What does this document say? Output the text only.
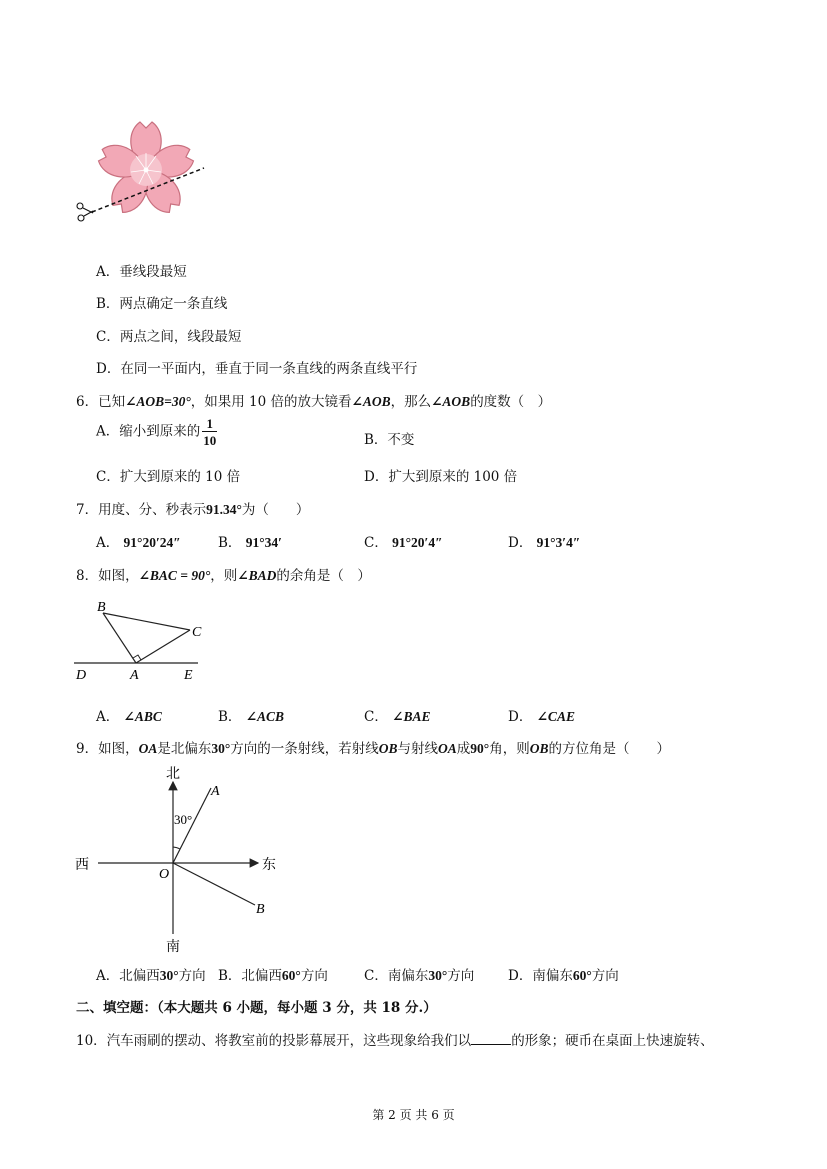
A．垂线段最短
B．两点确定一条直线
C．两点之间，线段最短
D．在同一平面内，垂直于同一条直线的两条直线平行
6．已知∠AOB=30°，如果用 10 倍的放大镜看∠AOB，那么∠AOB的度数（　）
A．缩小到原来的 $\frac{1}{10}$	B．不变
C．扩大到原来的 10 倍	D．扩大到原来的 100 倍
7．用度、分、秒表示91.34°为（　　）
A． 91°20′24″	B． 91°34′	C． 91°20′4″	D． 91°3′4″
8．如图，∠BAC = 90°，则∠BAD的余角是（　）
B
C
D	A	E
A． ∠ABC	B． ∠ACB	C． ∠BAE	D． ∠CAE
9．如图，OA是北偏东30°方向的一条射线，若射线OB与射线OA成90°角，则OB的方位角是（　　）
北
南
西	东
O
A
B
30°
A．北偏西30°方向 B．北偏西60°方向	C．南偏东30°方向	D．南偏东60°方向
二、填空题：（本大题共 6 小题，每小题 3 分，共 18 分.）
10．汽车雨刷的摆动、将教室前的投影幕展开，这些现象给我们以	的形象；硬币在桌面上快速旋转、
第 2 页 共 6 页
